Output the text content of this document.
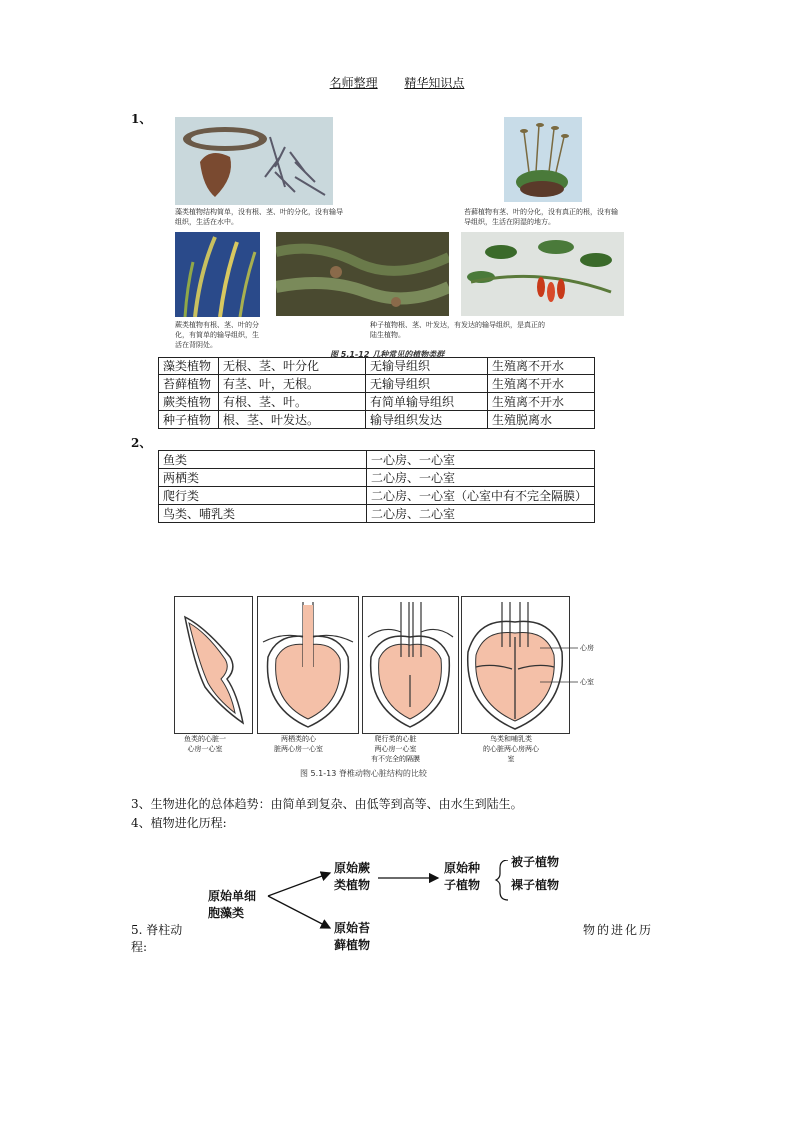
名师整理 精华知识点
1、
藻类植物结构简单，没有根、茎、叶的分化，没有输导组织，生活在水中。
苔藓植物有茎、叶的分化，没有真正的根，没有输导组织，生活在阴湿的地方。
蕨类植物有根、茎、叶的分化，有简单的输导组织，生活在背阴处。
种子植物根、茎、叶发达，有发达的输导组织，是真正的陆生植物。
图 5.1-12 几种常见的植物类群
藻类植物	无根、茎、叶分化	无输导组织	生殖离不开水
苔藓植物	有茎、叶，无根。	无输导组织	生殖离不开水
蕨类植物	有根、茎、叶。	有简单输导组织	生殖离不开水
种子植物	根、茎、叶发达。	输导组织发达	生殖脱离水
2、
鱼类	一心房、一心室
两栖类	二心房、一心室
爬行类	二心房、一心室（心室中有不完全隔膜）
鸟类、哺乳类	二心房、二心室
心房
心室
鱼类的心脏一
心房一心室
两栖类的心
脏两心房一心室
爬行类的心脏
两心房一心室
有不完全的隔膜
鸟类和哺乳类
的心脏两心房两心
室
图 5.1-13 脊椎动物心脏结构的比较
3、生物进化的总体趋势：由简单到复杂、由低等到高等、由水生到陆生。
4、植物进化历程:
原始单细
胞藻类
原始蕨
类植物
原始苔
藓植物
原始种
子植物
被子植物
裸子植物
5. 脊柱动	物的进化历
程:
